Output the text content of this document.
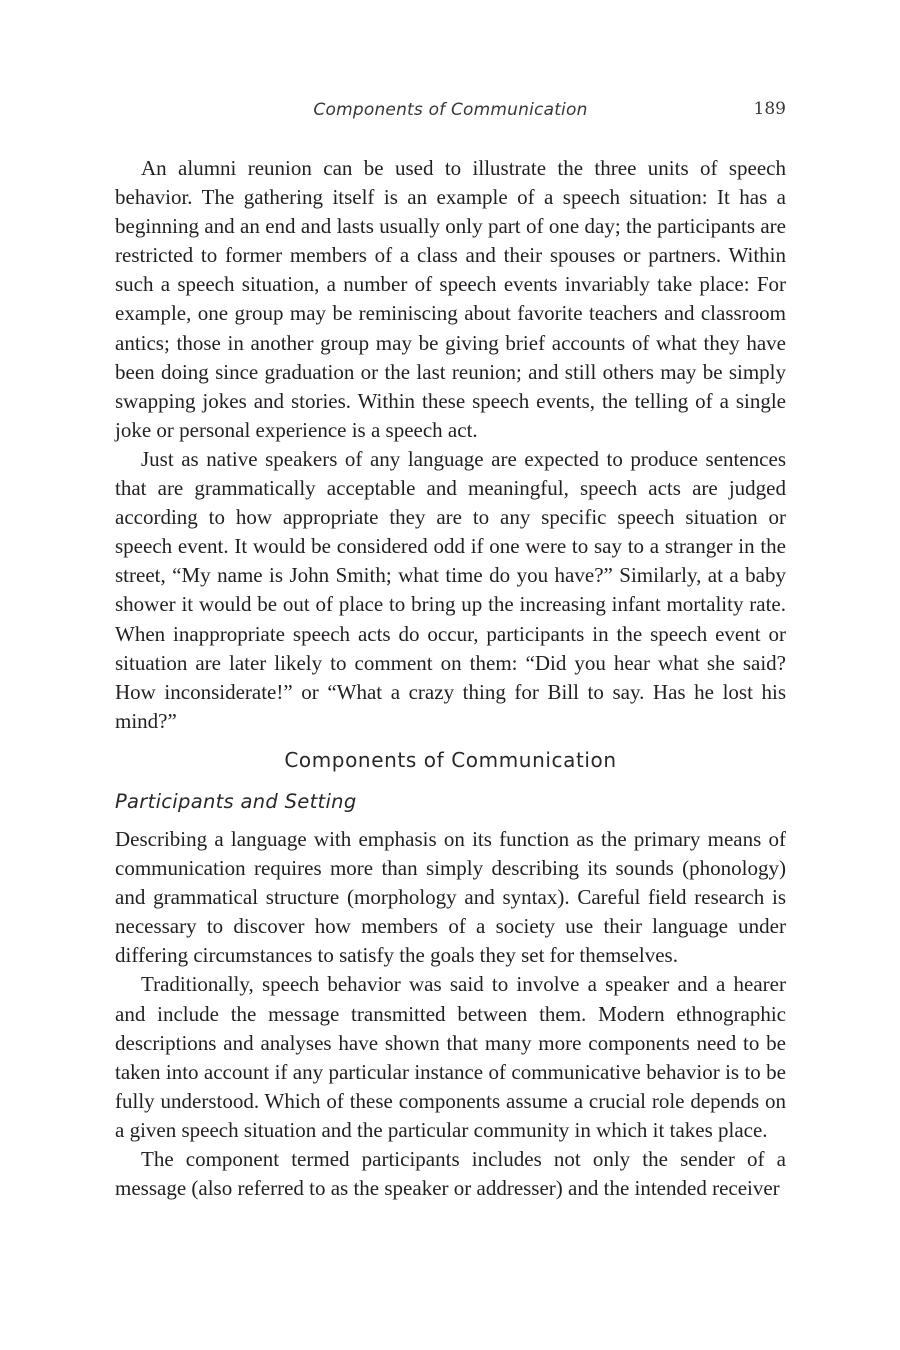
Components of Communication	189

An alumni reunion can be used to illustrate the three units of speech behavior. The gathering itself is an example of a speech situation: It has a beginning and an end and lasts usually only part of one day; the participants are restricted to former members of a class and their spouses or partners. Within such a speech situation, a number of speech events invariably take place: For example, one group may be reminiscing about favorite teachers and classroom antics; those in another group may be giving brief accounts of what they have been doing since graduation or the last reunion; and still others may be simply swapping jokes and stories. Within these speech events, the telling of a single joke or personal experience is a speech act.

Just as native speakers of any language are expected to produce sentences that are grammatically acceptable and meaningful, speech acts are judged according to how appropriate they are to any specific speech situation or speech event. It would be considered odd if one were to say to a stranger in the street, “My name is John Smith; what time do you have?” Similarly, at a baby shower it would be out of place to bring up the increasing infant mortality rate. When inappropriate speech acts do occur, participants in the speech event or situation are later likely to comment on them: “Did you hear what she said? How inconsiderate!” or “What a crazy thing for Bill to say. Has he lost his mind?”

Components of Communication
Participants and Setting

Describing a language with emphasis on its function as the primary means of communication requires more than simply describing its sounds (phonology) and grammatical structure (morphology and syntax). Careful field research is necessary to discover how members of a society use their language under differing circumstances to satisfy the goals they set for themselves.

Traditionally, speech behavior was said to involve a speaker and a hearer and include the message transmitted between them. Modern ethnographic descriptions and analyses have shown that many more components need to be taken into account if any particular instance of communicative behavior is to be fully understood. Which of these components assume a crucial role depends on a given speech situation and the particular community in which it takes place.

The component termed participants includes not only the sender of a message (also referred to as the speaker or addresser) and the intended receiver
